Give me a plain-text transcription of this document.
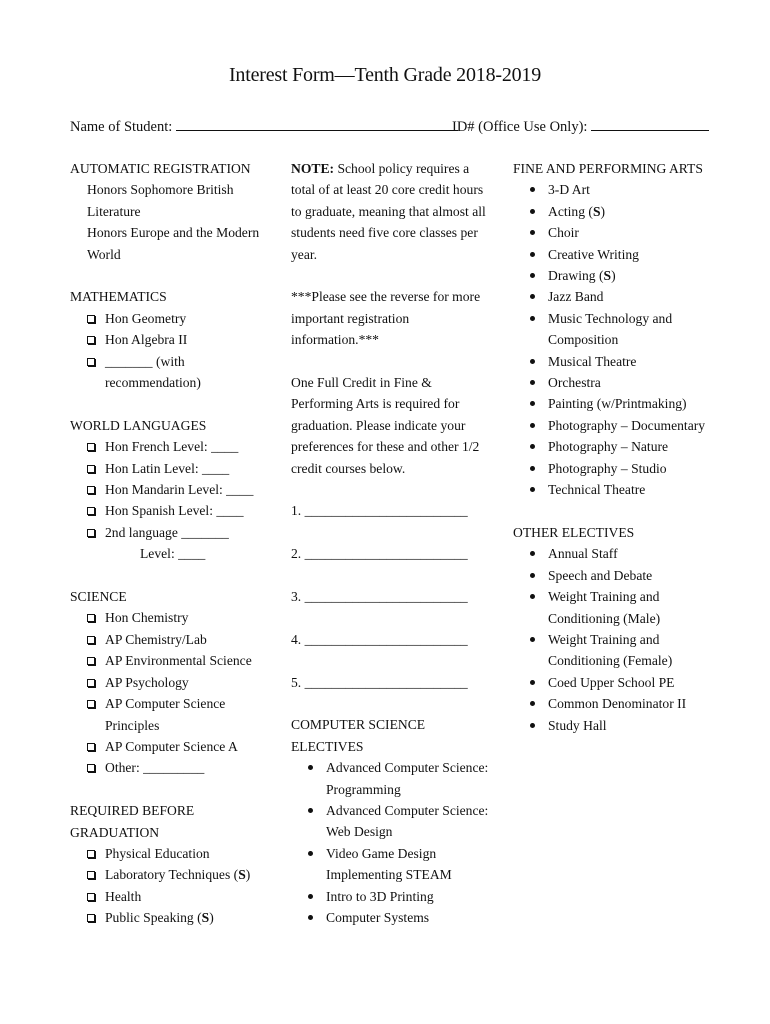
Interest Form—Tenth Grade 2018-2019
Name of Student:	ID# (Office Use Only):
AUTOMATIC REGISTRATION
Honors Sophomore British Literature
Honors Europe and the Modern World
MATHEMATICS
Hon Geometry
Hon Algebra II
_______ (with recommendation)
WORLD LANGUAGES
Hon French Level: ____
Hon Latin Level: ____
Hon Mandarin Level: ____
Hon Spanish Level: ____
2nd language _______
Level: ____
SCIENCE
Hon Chemistry
AP Chemistry/Lab
AP Environmental Science
AP Psychology
AP Computer Science Principles
AP Computer Science A
Other: _________
REQUIRED BEFORE GRADUATION
Physical Education
Laboratory Techniques (S)
Health
Public Speaking (S)
NOTE: School policy requires a total of at least 20 core credit hours to graduate, meaning that almost all students need five core classes per year.
***Please see the reverse for more important registration information.***
One Full Credit in Fine & Performing Arts is required for graduation. Please indicate your preferences for these and other 1/2 credit courses below.
1. ________________________
2. ________________________
3. ________________________
4. ________________________
5. ________________________
COMPUTER SCIENCE ELECTIVES
Advanced Computer Science: Programming
Advanced Computer Science: Web Design
Video Game Design Implementing STEAM
Intro to 3D Printing
Computer Systems
FINE AND PERFORMING ARTS
3-D Art
Acting (S)
Choir
Creative Writing
Drawing (S)
Jazz Band
Music Technology and Composition
Musical Theatre
Orchestra
Painting (w/Printmaking)
Photography – Documentary
Photography – Nature
Photography – Studio
Technical Theatre
OTHER ELECTIVES
Annual Staff
Speech and Debate
Weight Training and Conditioning (Male)
Weight Training and Conditioning (Female)
Coed Upper School PE
Common Denominator II
Study Hall
